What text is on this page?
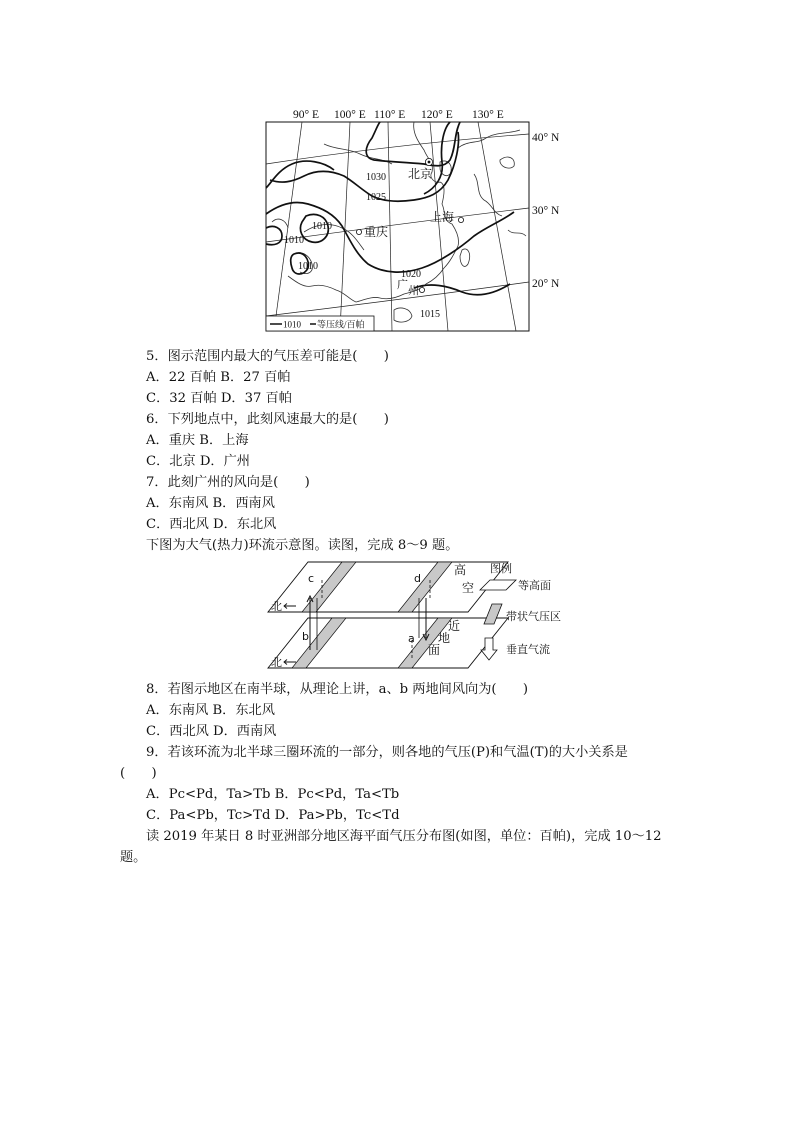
90° E 100° E 110° E 120° E 130° E
40° N
30° N
20° N
1030
1025
1010
1010
1010
1020
1015
北京
上海
重庆
广 州
1010 等压线/百帕
5．图示范围内最大的气压差可能是(　　)
A．22 百帕 B．27 百帕
C．32 百帕 D．37 百帕
6．下列地点中，此刻风速最大的是(　　)
A．重庆 B．上海
C．北京 D．广州
7．此刻广州的风向是(　　)
A．东南风 B．西南风
C．西北风 D．东北风
下图为大气(热力)环流示意图。读图，完成 8～9 题。
北
北
c	d
b	a
高
空
近
地
面
图例
等高面
带状气压区
垂直气流
8．若图示地区在南半球，从理论上讲，a、b 两地间风向为(　　)
A．东南风 B．东北风
C．西北风 D．西南风
9．若该环流为北半球三圈环流的一部分，则各地的气压(P)和气温(T)的大小关系是
(　　)
A．Pc<Pd，Ta>Tb B．Pc<Pd，Ta<Tb
C．Pa<Pb，Tc>Td D．Pa>Pb，Tc<Td
读 2019 年某日 8 时亚洲部分地区海平面气压分布图(如图，单位：百帕)，完成 10～12
题。
